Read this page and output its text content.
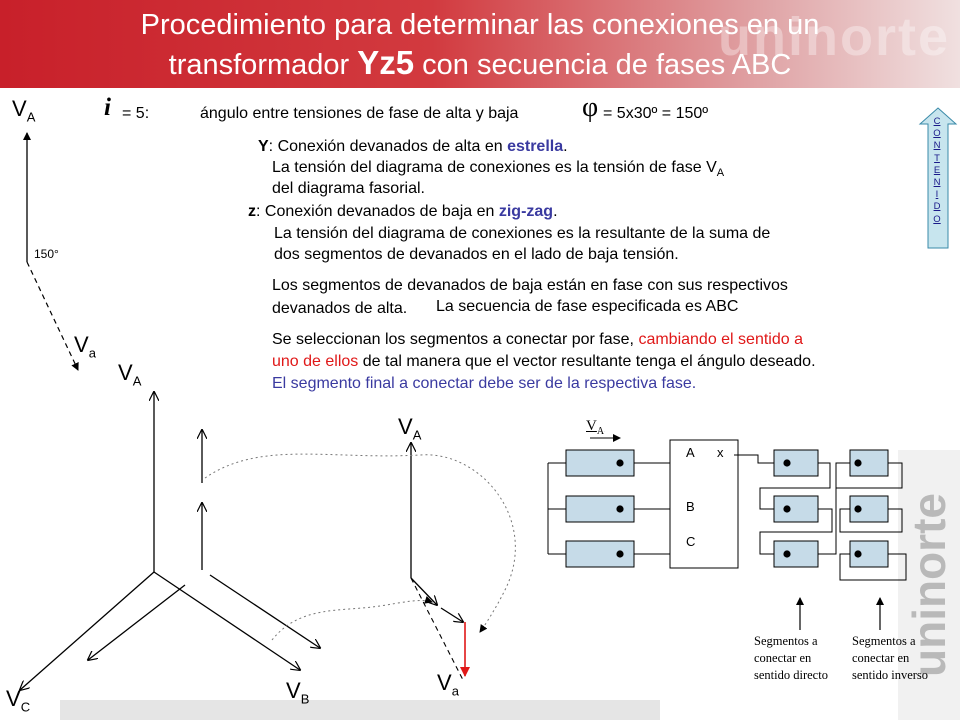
uninorte
Procedimiento para determinar las conexiones en un
transformador Yz5 con secuencia de fases ABC
C
O
N
T
E
N
I
D
O
$V_A$	i = 5:	ángulo entre tensiones de fase de alta y baja φ = 5x30º = 150º
150°
$V_a$
Y: Conexión devanados de alta en estrella.
La tensión del diagrama de conexiones es la tensión de fase $V_A$
del diagrama fasorial.
z: Conexión devanados de baja en zig-zag.
La tensión del diagrama de conexiones es la resultante de la suma de
dos segmentos de devanados en el lado de baja tensión.
Los segmentos de devanados de baja están en fase con sus respectivos
devanados de alta. La secuencia de fase especificada es ABC
Se seleccionan los segmentos a conectar por fase, cambiando el sentido a
uno de ellos de tal manera que el vector resultante tenga el ángulo deseado.
El segmento final a conectar debe ser de la respectiva fase.
uninorte
$V_A$
$V_C$
$V_B$
$V_A$
$V_a$
$V_A$
A x
B
C
Segmentos a conectar en sentido directo
Segmentos a conectar en sentido inverso
